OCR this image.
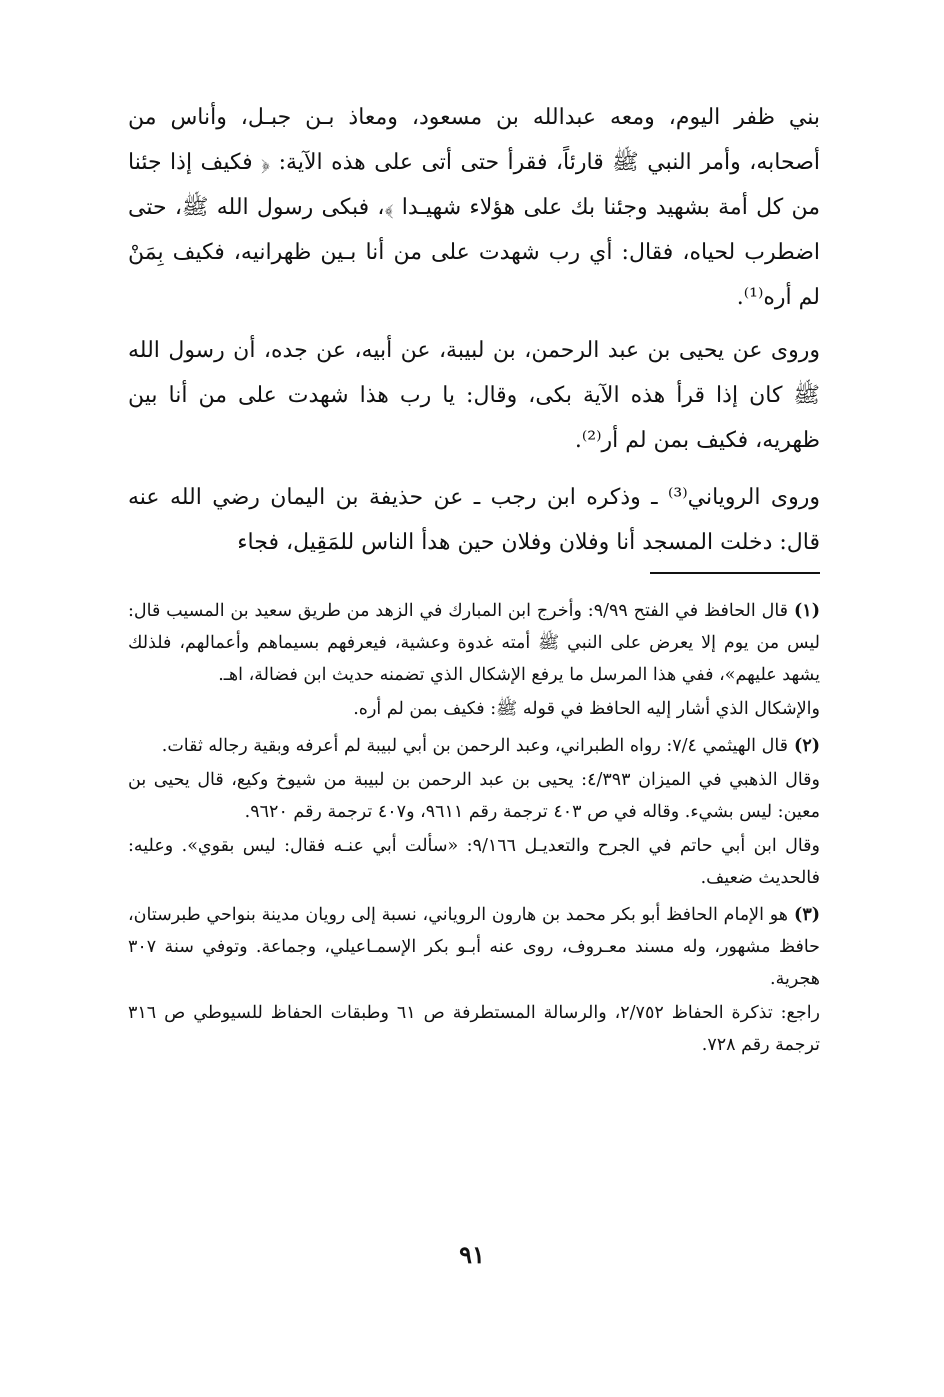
بني ظفر اليوم، ومعه عبدالله بن مسعود، ومعاذ بـن جبـل، وأناس من أصحابه، وأمر النبي ﷺ قارئاً، فقرأ حتى أتى على هذه الآية: ﴿ فكيف إذا جئنا من كل أمة بشهيد وجئنا بك على هؤلاء شهيـدا ﴾، فبكى رسول الله ﷺ، حتى اضطرب لحياه، فقال: أي رب شهدت على من أنا بـين ظهرانيه، فكيف بِمَنْ لم أره⁽¹⁾.

وروى عن يحيى بن عبد الرحمن، بن لبيبة، عن أبيه، عن جده، أن رسول الله ﷺ كان إذا قرأ هذه الآية بكى، وقال: يا رب هذا شهدت على من أنا بين ظهريه، فكيف بمن لم أر⁽²⁾.

وروى الروياني⁽³⁾ ـ وذكره ابن رجب ـ عن حذيفة بن اليمان رضي الله عنه قال: دخلت المسجد أنا وفلان وفلان حين هدأ الناس للمَقِيل، فجاء

(١)قال الحافظ في الفتح ٩/٩٩: وأخرج ابن المبارك في الزهد من طريق سعيد بن المسيب قال: ليس من يوم إلا يعرض على النبي ﷺ أمته غدوة وعشية، فيعرفهم بسيماهم وأعمالهم، فلذلك يشهد عليهم»، ففي هذا المرسل ما يرفع الإشكال الذي تضمنه حديث ابن فضالة، اهـ.
والإشكال الذي أشار إليه الحافظ في قوله ﷺ: فكيف بمن لم أره.
(٢)قال الهيثمي ٧/٤: رواه الطبراني، وعبد الرحمن بن أبي لبيبة لم أعرفه وبقية رجاله ثقات.
وقال الذهبي في الميزان ٤/٣٩٣: يحيى بن عبد الرحمن بن لبيبة من شيوخ وكيع، قال يحيى بن معين: ليس بشيء. وقاله في ص ٤٠٣ ترجمة رقم ٩٦١١، و٤٠٧ ترجمة رقم ٩٦٢٠.
وقال ابن أبي حاتم في الجرح والتعديـل ٩/١٦٦: «سألت أبي عنـه فقال: ليس بقوي». وعليه: فالحديث ضعيف.
(٣)هو الإمام الحافظ أبو بكر محمد بن هارون الروياني، نسبة إلى رويان مدينة بنواحي طبرستان، حافظ مشهور، وله مسند معـروف، روى عنه أبـو بكر الإسمـاعيلي، وجماعة. وتوفي سنة ٣٠٧ هجرية.
راجع: تذكرة الحفاظ ٢/٧٥٢، والرسالة المستطرفة ص ٦١ وطبقات الحفاظ للسيوطي ص ٣١٦ ترجمة رقم ٧٢٨.
٩١
